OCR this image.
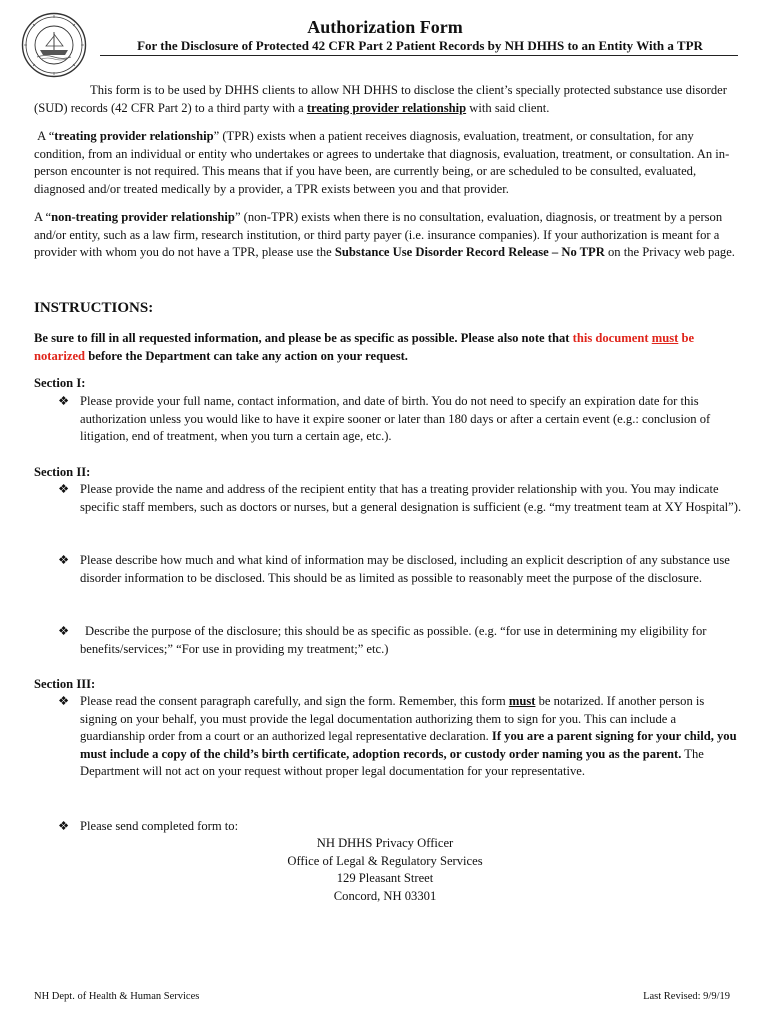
Authorization Form
For the Disclosure of Protected 42 CFR Part 2 Patient Records by NH DHHS to an Entity With a TPR

This form is to be used by DHHS clients to allow NH DHHS to disclose the client’s specially protected substance use disorder (SUD) records (42 CFR Part 2) to a third party with a treating provider relationship with said client.

A “treating provider relationship” (TPR) exists when a patient receives diagnosis, evaluation, treatment, or consultation, for any condition, from an individual or entity who undertakes or agrees to undertake that diagnosis, evaluation, treatment, or consultation. An in-person encounter is not required. This means that if you have been, are currently being, or are scheduled to be consulted, evaluated, diagnosed and/or treated medically by a provider, a TPR exists between you and that provider.

A “non-treating provider relationship” (non-TPR) exists when there is no consultation, evaluation, diagnosis, or treatment by a person and/or entity, such as a law firm, research institution, or third party payer (i.e. insurance companies). If your authorization is meant for a provider with whom you do not have a TPR, please use the Substance Use Disorder Record Release – No TPR on the Privacy web page.

INSTRUCTIONS:

Be sure to fill in all requested information, and please be as specific as possible. Please also note that this document must be notarized before the Department can take any action on your request.

Section I:
❖ Please provide your full name, contact information, and date of birth. You do not need to specify an expiration date for this authorization unless you would like to have it expire sooner or later than 180 days or after a certain event (e.g.: conclusion of litigation, end of treatment, when you turn a certain age, etc.).
Section II:
❖ Please provide the name and address of the recipient entity that has a treating provider relationship with you. You may indicate specific staff members, such as doctors or nurses, but a general designation is sufficient (e.g. “my treatment team at XY Hospital”).
❖ Please describe how much and what kind of information may be disclosed, including an explicit description of any substance use disorder information to be disclosed. This should be as limited as possible to reasonably meet the purpose of the disclosure.
❖	Describe the purpose of the disclosure; this should be as specific as possible. (e.g. “for use in determining my eligibility for benefits/services;” “For use in providing my treatment;” etc.)
Section III:
❖ Please read the consent paragraph carefully, and sign the form. Remember, this form must be notarized. If another person is signing on your behalf, you must provide the legal documentation authorizing them to sign for you. This can include a guardianship order from a court or an authorized legal representative declaration. If you are a parent signing for your child, you must include a copy of the child’s birth certificate, adoption records, or custody order naming you as the parent. The Department will not act on your request without proper legal documentation for your representative.
❖ Please send completed form to:
NH DHHS Privacy Officer
Office of Legal & Regulatory Services
129 Pleasant Street
Concord, NH 03301
NH Dept. of Health & Human Services	Last Revised: 9/9/19
